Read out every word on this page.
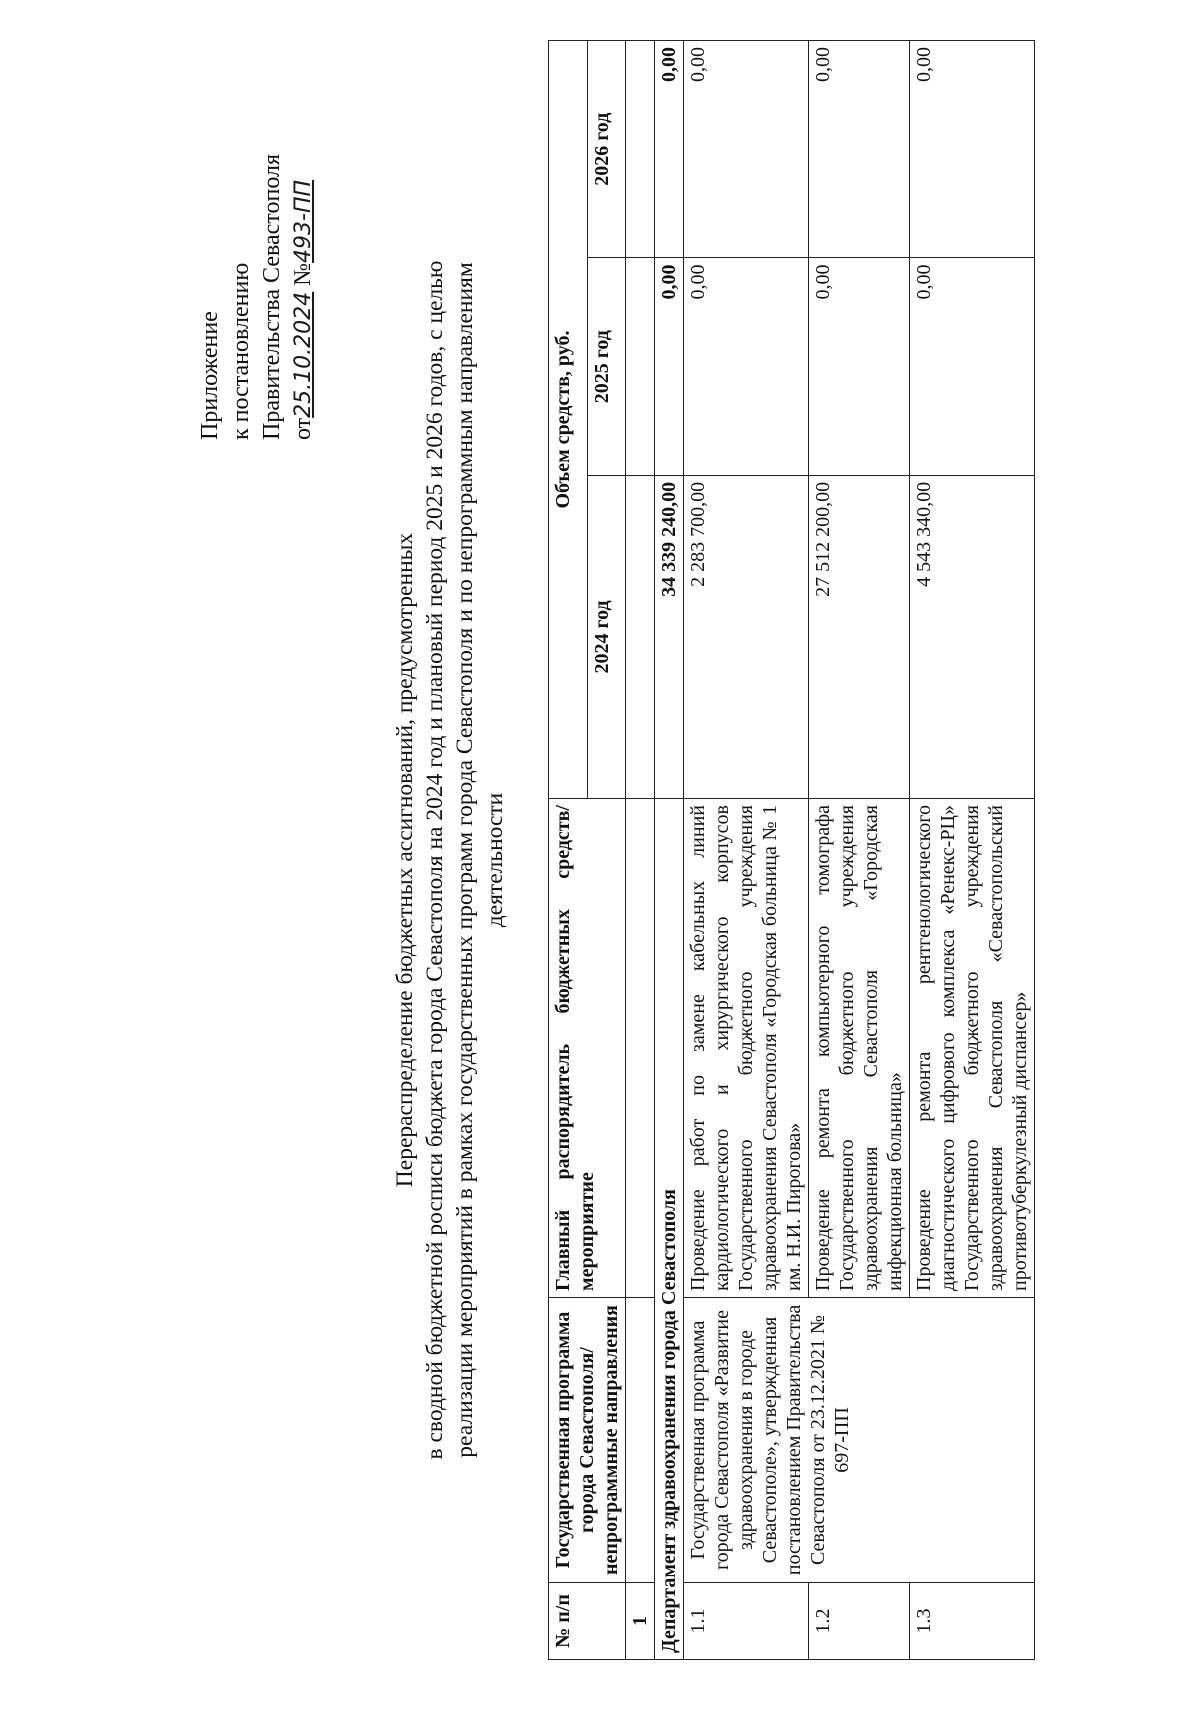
Приложение к постановлению Правительства Севастополя от25.10.2024 №493-ПП
Перераспределение бюджетных ассигнований, предусмотренных в сводной бюджетной росписи бюджета города Севастополя на 2024 год и плановый период 2025 и 2026 годов, с целью реализации мероприятий в рамках государственных программ города Севастополя и по непрограммным направлениям деятельности
№ п/п	Государственная программа города Севастополя/ непрограммные направления	Главный распорядитель бюджетных средств/мероприятие	Объем средств, руб.		
			2024 год	2025 год	2026 год
1					
Департамент здравоохранения города Севастополя			34 339 240,00	0,00	0,00
1.1	Государственная программа города Севастополя «Развитие здравоохранения в городе Севастополе», утвержденная постановлением Правительства Севастополя от 23.12.2021 № 697-ПП	Проведение работ по замене кабельных линий кардиологического и хирургического корпусов Государственного бюджетного учреждения здравоохранения Севастополя «Городская больница № 1 им. Н.И. Пирогова»	2 283 700,00	0,00	0,00
1.2		Проведение ремонта компьютерного томографа Государственного бюджетного учреждения здравоохранения Севастополя «Городская инфекционная больница»	27 512 200,00	0,00	0,00
1.3		Проведение ремонта рентгенологического диагностического цифрового комплекса «Ренекс-РЦ» Государственного бюджетного учреждения здравоохранения Севастополя «Севастопольский противотуберкулезный диспансер»	4 543 340,00	0,00	0,00
